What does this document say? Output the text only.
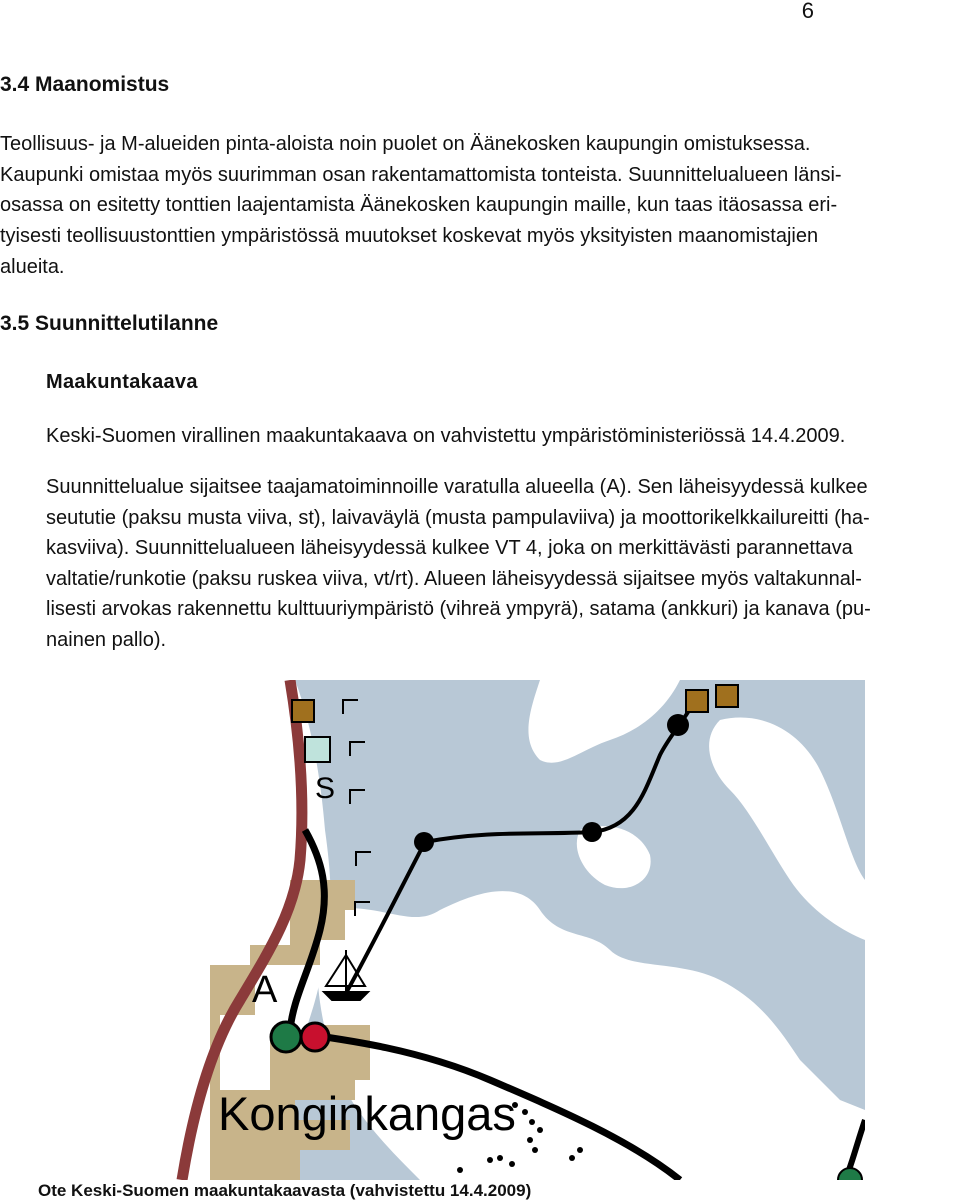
6
3.4 Maanomistus

Teollisuus- ja M-alueiden pinta-aloista noin puolet on Äänekosken kaupungin omistuksessa.
Kaupunki omistaa myös suurimman osan rakentamattomista tonteista. Suunnittelualueen länsi-
osassa on esitetty tonttien laajentamista Äänekosken kaupungin maille, kun taas itäosassa eri-
tyisesti teollisuustonttien ympäristössä muutokset koskevat myös yksityisten maanomistajien
alueita.

3.5 Suunnittelutilanne
Maakuntakaava

Keski-Suomen virallinen maakuntakaava on vahvistettu ympäristöministeriössä 14.4.2009.

Suunnittelualue sijaitsee taajamatoiminnoille varatulla alueella (A). Sen läheisyydessä kulkee
seututie (paksu musta viiva, st), laivaväylä (musta pampulaviiva) ja moottorikelkkailureitti (ha-
kasviiva). Suunnittelualueen läheisyydessä kulkee VT 4, joka on merkittävästi parannettava
valtatie/runkotie (paksu ruskea viiva, vt/rt). Alueen läheisyydessä sijaitsee myös valtakunnal-
lisesti arvokas rakennettu kulttuuriympäristö (vihreä ympyrä), satama (ankkuri) ja kanava (pu-
nainen pallo).

S
A
Konginkangas
Ote Keski-Suomen maakuntakaavasta (vahvistettu 14.4.2009)
